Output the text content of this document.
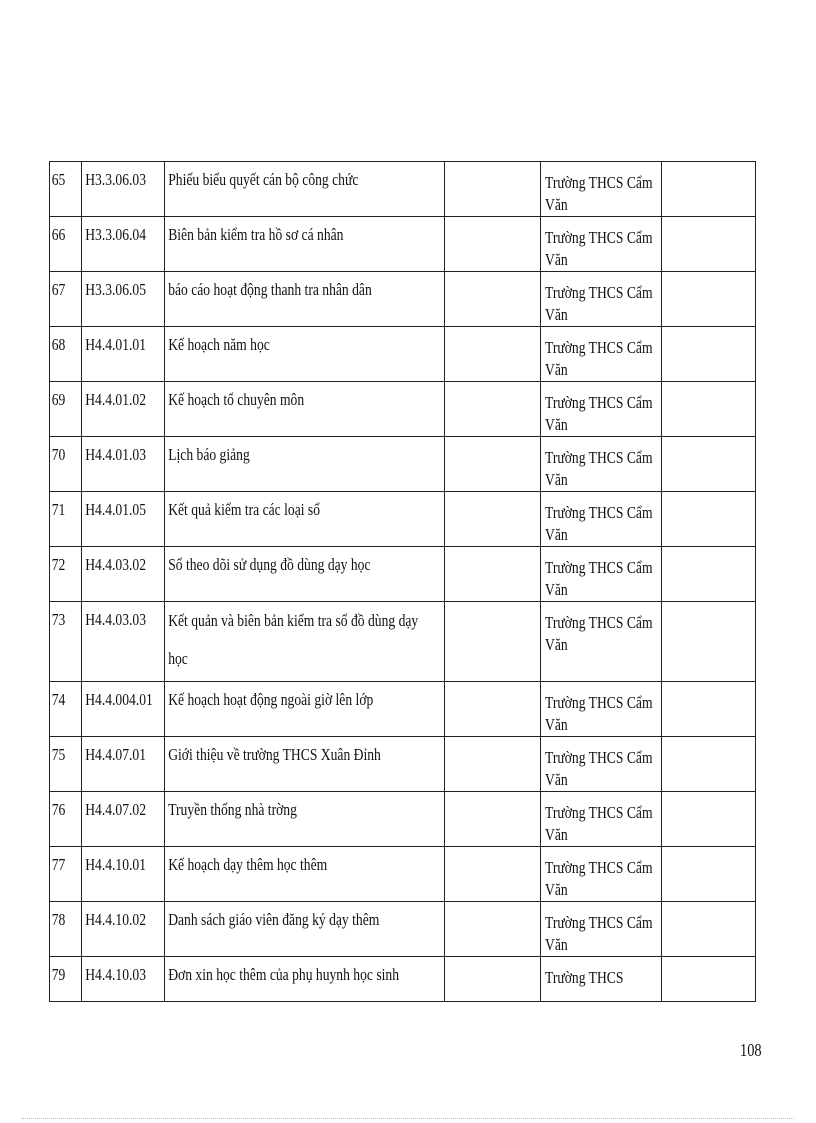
65	H3.3.06.03	Phiếu biểu quyết cán bộ công chức		Trường THCS Cẩm Văn	
66	H3.3.06.04	Biên bản kiểm tra hồ sơ cá nhân		Trường THCS Cẩm Văn	
67	H3.3.06.05	báo cáo hoạt động thanh tra nhân dân		Trường THCS Cẩm Văn	
68	H4.4.01.01	Kế hoạch năm học		Trường THCS Cẩm Văn	
69	H4.4.01.02	Kế hoạch tổ chuyên môn		Trường THCS Cẩm Văn	
70	H4.4.01.03	Lịch báo giảng		Trường THCS Cẩm Văn	
71	H4.4.01.05	Kết quả kiểm tra các loại sổ		Trường THCS Cẩm Văn	
72	H4.4.03.02	Sổ theo dõi sử dụng đồ dùng dạy học		Trường THCS Cẩm Văn	
73	H4.4.03.03	Kết quản và biên bản kiểm tra sổ đồ dùng dạy học		Trường THCS Cẩm Văn	
74	H4.4.004.01	Kế hoạch hoạt động ngoài giờ lên lớp		Trường THCS Cẩm Văn	
75	H4.4.07.01	Giới thiệu về trường THCS Xuân Đỉnh		Trường THCS Cẩm Văn	
76	H4.4.07.02	Truyền thống nhà trờng		Trường THCS Cẩm Văn	
77	H4.4.10.01	Kế hoạch dạy thêm học thêm		Trường THCS Cẩm Văn	
78	H4.4.10.02	Danh sách giáo viên đăng ký dạy thêm		Trường THCS Cẩm Văn	
79	H4.4.10.03	Đơn xin học thêm của phụ huynh học sinh		Trường THCS	
108
